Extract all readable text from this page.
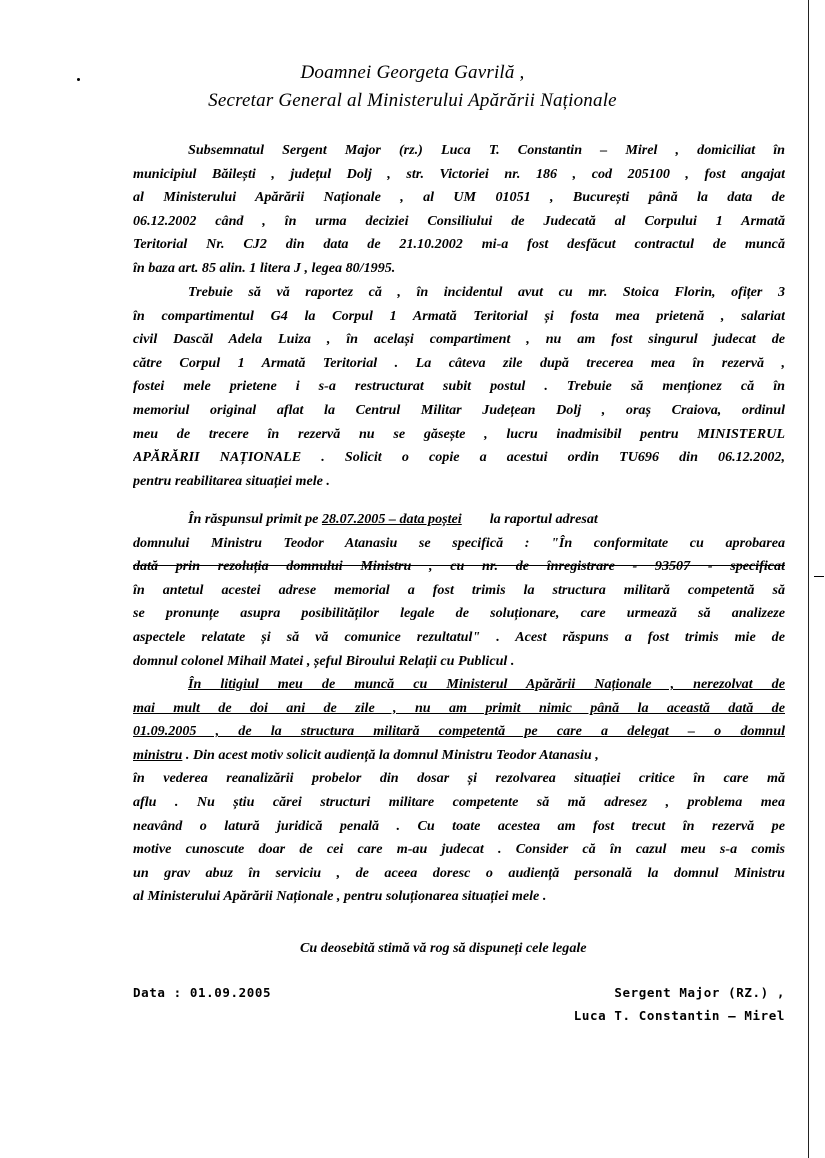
Doamnei Georgeta Gavrilă ,
Secretar General al Ministerului Apărării Naționale
Subsemnatul Sergent Major (rz.) Luca T. Constantin – Mirel , domiciliat în
municipiul Băilești , județul Dolj , str. Victoriei nr. 186 , cod 205100 , fost angajat
al Ministerului Apărării Naționale , al UM 01051 , București până la data de
06.12.2002 când , în urma deciziei Consiliului de Judecată al Corpului 1 Armată
Teritorial Nr. CJ2 din data de 21.10.2002 mi-a fost desfăcut contractul de muncă
în baza art. 85 alin. 1 litera J , legea 80/1995.
Trebuie să vă raportez că , în incidentul avut cu mr. Stoica Florin, ofițer 3
în compartimentul G4 la Corpul 1 Armată Teritorial și fosta mea prietenă , salariat
civil Dascăl Adela Luiza , în același compartiment , nu am fost singurul judecat de
către Corpul 1 Armată Teritorial . La câteva zile după trecerea mea în rezervă ,
fostei mele prietene i s-a restructurat subit postul . Trebuie să menționez că în
memoriul original aflat la Centrul Militar Județean Dolj , oraș Craiova, ordinul
meu de trecere în rezervă nu se găsește , lucru inadmisibil pentru MINISTERUL
APĂRĂRII NAȚIONALE . Solicit o copie a acestui ordin TU696 din 06.12.2002,
pentru reabilitarea situației mele .
În răspunsul primit pe 28.07.2005 – data poștei la raportul adresat
domnului Ministru Teodor Atanasiu se specifică : "În conformitate cu aprobarea
dată prin rezoluția domnului Ministru , cu nr. de înregistrare - 93507 - specificat
în antetul acestei adrese memorial a fost trimis la structura militară competentă să
se pronunțe asupra posibilităților legale de soluționare, care urmează să analizeze
aspectele relatate și să vă comunice rezultatul" . Acest răspuns a fost trimis mie de
domnul colonel Mihail Matei , șeful Biroului Relații cu Publicul .
În litigiul meu de muncă cu Ministerul Apărării Naționale , nerezolvat de
mai mult de doi ani de zile , nu am primit nimic până la această dată de
01.09.2005 , de la structura militară competentă pe care a delegat – o domnul
ministru . Din acest motiv solicit audiență la domnul Ministru Teodor Atanasiu ,
în vederea reanalizării probelor din dosar și rezolvarea situației critice în care mă
aflu . Nu știu cărei structuri militare competente să mă adresez , problema mea
neavând o latură juridică penală . Cu toate acestea am fost trecut în rezervă pe
motive cunoscute doar de cei care m-au judecat . Consider că în cazul meu s-a comis
un grav abuz în serviciu , de aceea doresc o audiență personală la domnul Ministru
al Ministerului Apărării Naționale , pentru soluționarea situației mele .
Cu deosebită stimă vă rog să dispuneți cele legale
Data : 01.09.2005	Sergent Major (RZ.) ,
Luca T. Constantin – Mirel
